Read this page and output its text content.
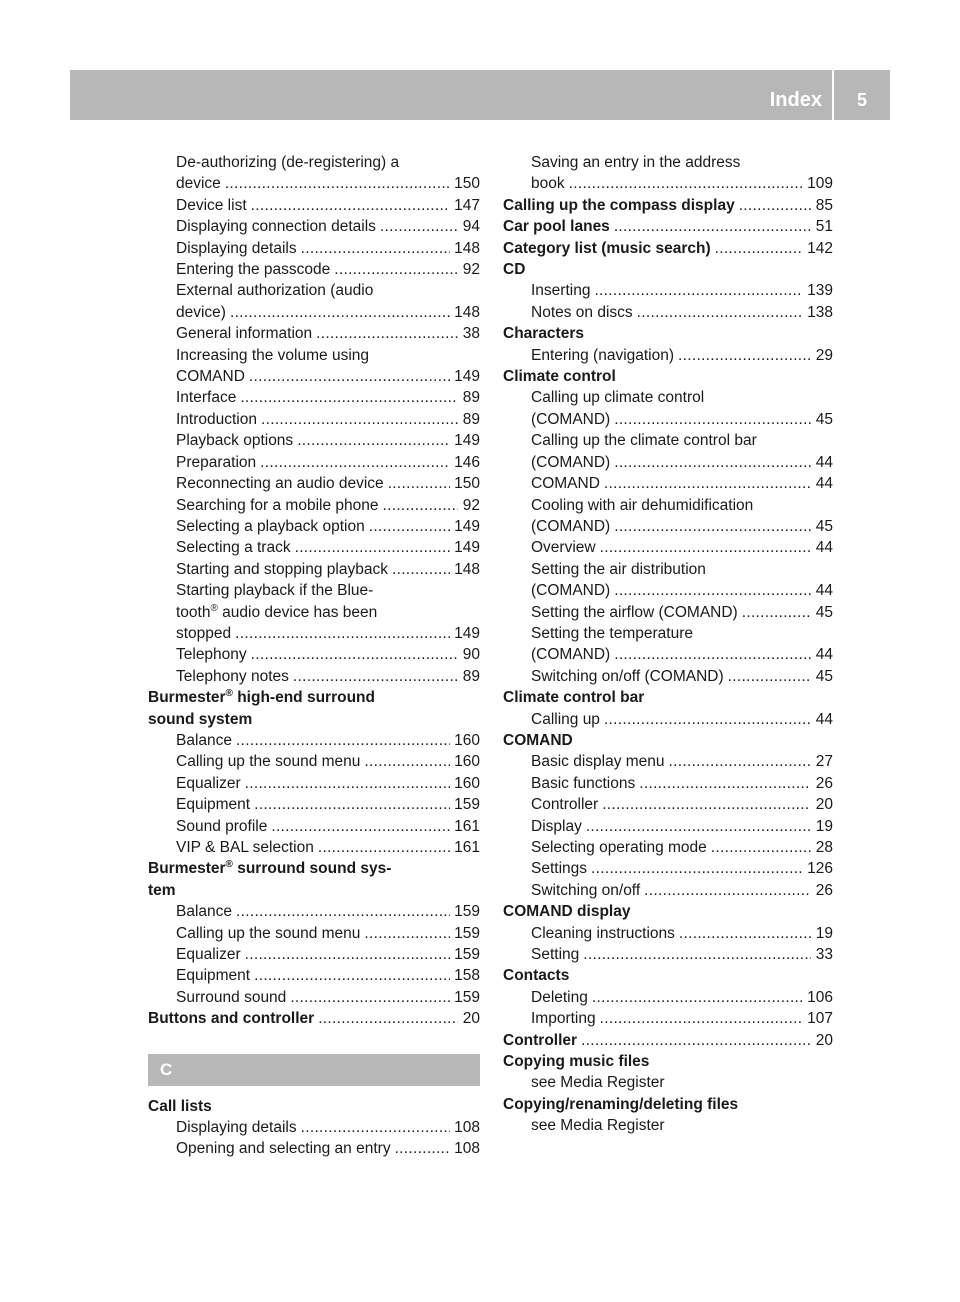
Index	5
De-authorizing (de-registering) a
device .....	150
Device list .....	147
Displaying connection details .....	94
Displaying details .....	148
Entering the passcode .....	92
External authorization (audio
device) .....	148
General information .....	38
Increasing the volume using
COMAND .....	149
Interface .....	89
Introduction .....	89
Playback options .....	149
Preparation .....	146
Reconnecting an audio device .....	150
Searching for a mobile phone .....	92
Selecting a playback option .....	149
Selecting a track .....	149
Starting and stopping playback .....	148
Starting playback if the Blue-
tooth® audio device has been
stopped .....	149
Telephony .....	90
Telephony notes .....	89
Burmester® high-end surround
sound system
Balance .....	160
Calling up the sound menu .....	160
Equalizer .....	160
Equipment .....	159
Sound profile .....	161
VIP & BAL selection .....	161
Burmester® surround sound sys-
tem
Balance .....	159
Calling up the sound menu .....	159
Equalizer .....	159
Equipment .....	158
Surround sound .....	159
Buttons and controller .....	20
C
Call lists
Displaying details .....	108
Opening and selecting an entry .....	108
Saving an entry in the address
book .....	109
Calling up the compass display .....	85
Car pool lanes .....	51
Category list (music search) .....	142
CD
Inserting .....	139
Notes on discs .....	138
Characters
Entering (navigation) .....	29
Climate control
Calling up climate control
(COMAND) .....	45
Calling up the climate control bar
(COMAND) .....	44
COMAND .....	44
Cooling with air dehumidification
(COMAND) .....	45
Overview .....	44
Setting the air distribution
(COMAND) .....	44
Setting the airflow (COMAND) .....	45
Setting the temperature
(COMAND) .....	44
Switching on/off (COMAND) .....	45
Climate control bar
Calling up .....	44
COMAND
Basic display menu .....	27
Basic functions .....	26
Controller .....	20
Display .....	19
Selecting operating mode .....	28
Settings .....	126
Switching on/off .....	26
COMAND display
Cleaning instructions .....	19
Setting .....	33
Contacts
Deleting .....	106
Importing .....	107
Controller .....	20
Copying music files
see Media Register
Copying/renaming/deleting files
see Media Register
